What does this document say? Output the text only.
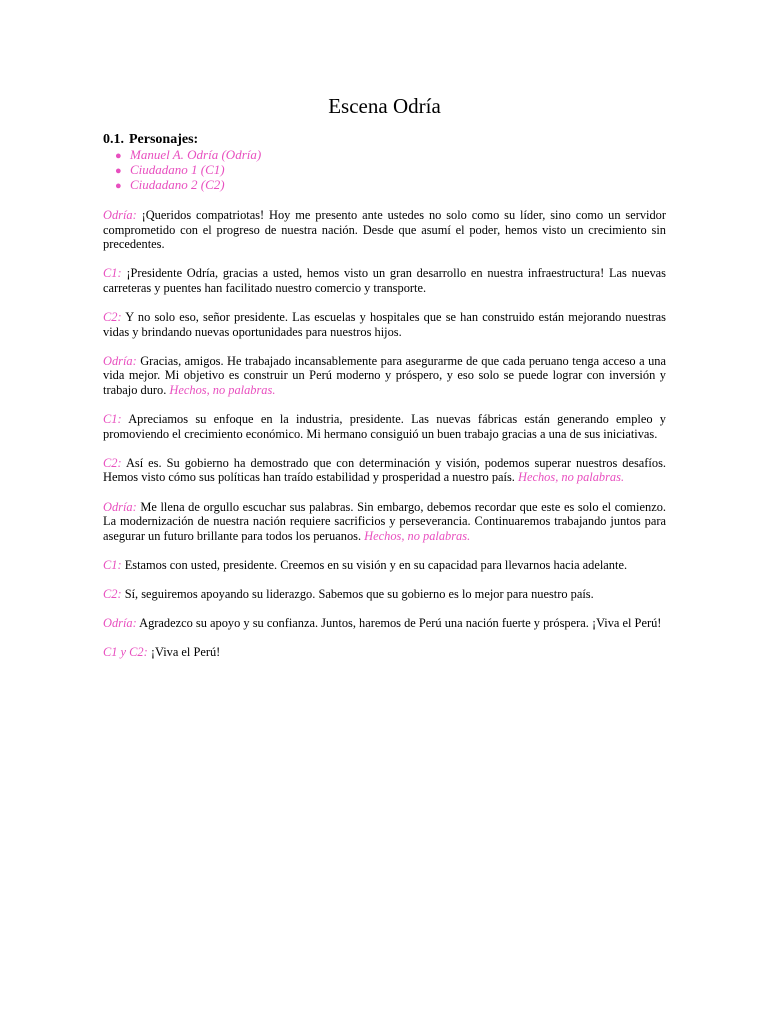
Escena Odría
0.1. Personajes:
● Manuel A. Odría (Odría)
● Ciudadano 1 (C1)
● Ciudadano 2 (C2)

Odría: ¡Queridos compatriotas! Hoy me presento ante ustedes no solo como su líder, sino como un servidor comprometido con el progreso de nuestra nación. Desde que asumí el poder, hemos visto un crecimiento sin precedentes.

C1: ¡Presidente Odría, gracias a usted, hemos visto un gran desarrollo en nuestra infraestructura! Las nuevas carreteras y puentes han facilitado nuestro comercio y transporte.

C2: Y no solo eso, señor presidente. Las escuelas y hospitales que se han construido están mejorando nuestras vidas y brindando nuevas oportunidades para nuestros hijos.

Odría: Gracias, amigos. He trabajado incansablemente para asegurarme de que cada peruano tenga acceso a una vida mejor. Mi objetivo es construir un Perú moderno y próspero, y eso solo se puede lograr con inversión y trabajo duro. Hechos, no palabras.

C1: Apreciamos su enfoque en la industria, presidente. Las nuevas fábricas están generando empleo y promoviendo el crecimiento económico. Mi hermano consiguió un buen trabajo gracias a una de sus iniciativas.

C2: Así es. Su gobierno ha demostrado que con determinación y visión, podemos superar nuestros desafíos. Hemos visto cómo sus políticas han traído estabilidad y prosperidad a nuestro país. Hechos, no palabras.

Odría: Me llena de orgullo escuchar sus palabras. Sin embargo, debemos recordar que este es solo el comienzo. La modernización de nuestra nación requiere sacrificios y perseverancia. Continuaremos trabajando juntos para asegurar un futuro brillante para todos los peruanos. Hechos, no palabras.

C1: Estamos con usted, presidente. Creemos en su visión y en su capacidad para llevarnos hacia adelante.

C2: Sí, seguiremos apoyando su liderazgo. Sabemos que su gobierno es lo mejor para nuestro país.

Odría: Agradezco su apoyo y su confianza. Juntos, haremos de Perú una nación fuerte y próspera. ¡Viva el Perú!

C1 y C2: ¡Viva el Perú!
